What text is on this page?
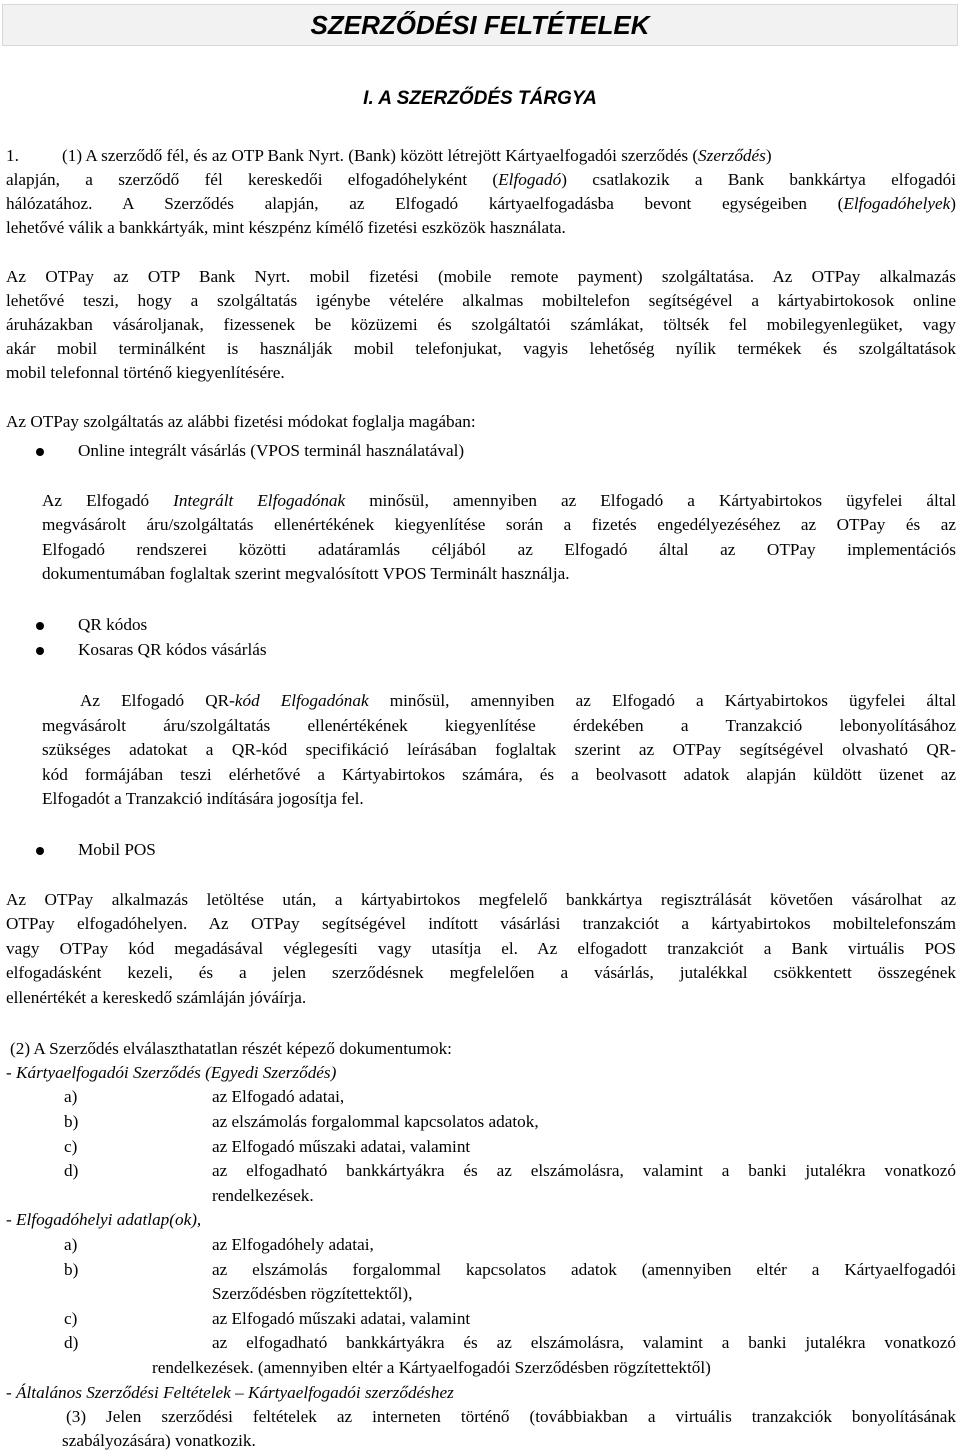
SZERZŐDÉSI FELTÉTELEK
I. A SZERZŐDÉS TÁRGYA
1.	(1) A szerződő fél, és az OTP Bank Nyrt. (Bank) között létrejött Kártyaelfogadói szerződés (Szerződés)
alapján, a szerződő fél kereskedői elfogadóhelyként (Elfogadó) csatlakozik a Bank bankkártya elfogadói
hálózatához. A Szerződés alapján, az Elfogadó kártyaelfogadásba bevont egységeiben (Elfogadóhelyek)
lehetővé válik a bankkártyák, mint készpénz kímélő fizetési eszközök használata.
Az OTPay az OTP Bank Nyrt. mobil fizetési (mobile remote payment) szolgáltatása. Az OTPay alkalmazás
lehetővé teszi, hogy a szolgáltatás igénybe vételére alkalmas mobiltelefon segítségével a kártyabirtokosok online
áruházakban vásároljanak, fizessenek be közüzemi és szolgáltatói számlákat, töltsék fel mobilegyenlegüket, vagy
akár mobil terminálként is használják mobil telefonjukat, vagyis lehetőség nyílik termékek és szolgáltatások
mobil telefonnal történő kiegyenlítésére.
Az OTPay szolgáltatás az alábbi fizetési módokat foglalja magában:
Online integrált vásárlás (VPOS terminál használatával)
Az Elfogadó Integrált Elfogadónak minősül, amennyiben az Elfogadó a Kártyabirtokos ügyfelei által
megvásárolt áru/szolgáltatás ellenértékének kiegyenlítése során a fizetés engedélyezéséhez az OTPay és az
Elfogadó rendszerei közötti adatáramlás céljából az Elfogadó által az OTPay implementációs
dokumentumában foglaltak szerint megvalósított VPOS Terminált használja.
QR kódos
Kosaras QR kódos vásárlás
Az Elfogadó QR-kód Elfogadónak minősül, amennyiben az Elfogadó a Kártyabirtokos ügyfelei által
megvásárolt áru/szolgáltatás ellenértékének kiegyenlítése érdekében a Tranzakció lebonyolításához
szükséges adatokat a QR-kód specifikáció leírásában foglaltak szerint az OTPay segítségével olvasható QR-
kód formájában teszi elérhetővé a Kártyabirtokos számára, és a beolvasott adatok alapján küldött üzenet az
Elfogadót a Tranzakció indítására jogosítja fel.
Mobil POS
Az OTPay alkalmazás letöltése után, a kártyabirtokos megfelelő bankkártya regisztrálását követően vásárolhat az
OTPay elfogadóhelyen. Az OTPay segítségével indított vásárlási tranzakciót a kártyabirtokos mobiltelefonszám
vagy OTPay kód megadásával véglegesíti vagy utasítja el. Az elfogadott tranzakciót a Bank virtuális POS
elfogadásként kezeli, és a jelen szerződésnek megfelelően a vásárlás, jutalékkal csökkentett összegének
ellenértékét a kereskedő számláján jóváírja.
(2) A Szerződés elválaszthatatlan részét képező dokumentumok:
- Kártyaelfogadói Szerződés (Egyedi Szerződés)
a)	az Elfogadó adatai,
b)	az elszámolás forgalommal kapcsolatos adatok,
c)	az Elfogadó műszaki adatai, valamint
d)	az elfogadható bankkártyákra és az elszámolásra, valamint a banki jutalékra vonatkozó
rendelkezések.
- Elfogadóhelyi adatlap(ok),
a)	az Elfogadóhely adatai,
b)	az elszámolás forgalommal kapcsolatos adatok (amennyiben eltér a Kártyaelfogadói
Szerződésben rögzítettektől),
c)	az Elfogadó műszaki adatai, valamint
d)	az elfogadható bankkártyákra és az elszámolásra, valamint a banki jutalékra vonatkozó
rendelkezések. (amennyiben eltér a Kártyaelfogadói Szerződésben rögzítettektől)
- Általános Szerződési Feltételek – Kártyaelfogadói szerződéshez
(3) Jelen szerződési feltételek az interneten történő (továbbiakban a virtuális tranzakciók bonyolításának
szabályozására) vonatkozik.
